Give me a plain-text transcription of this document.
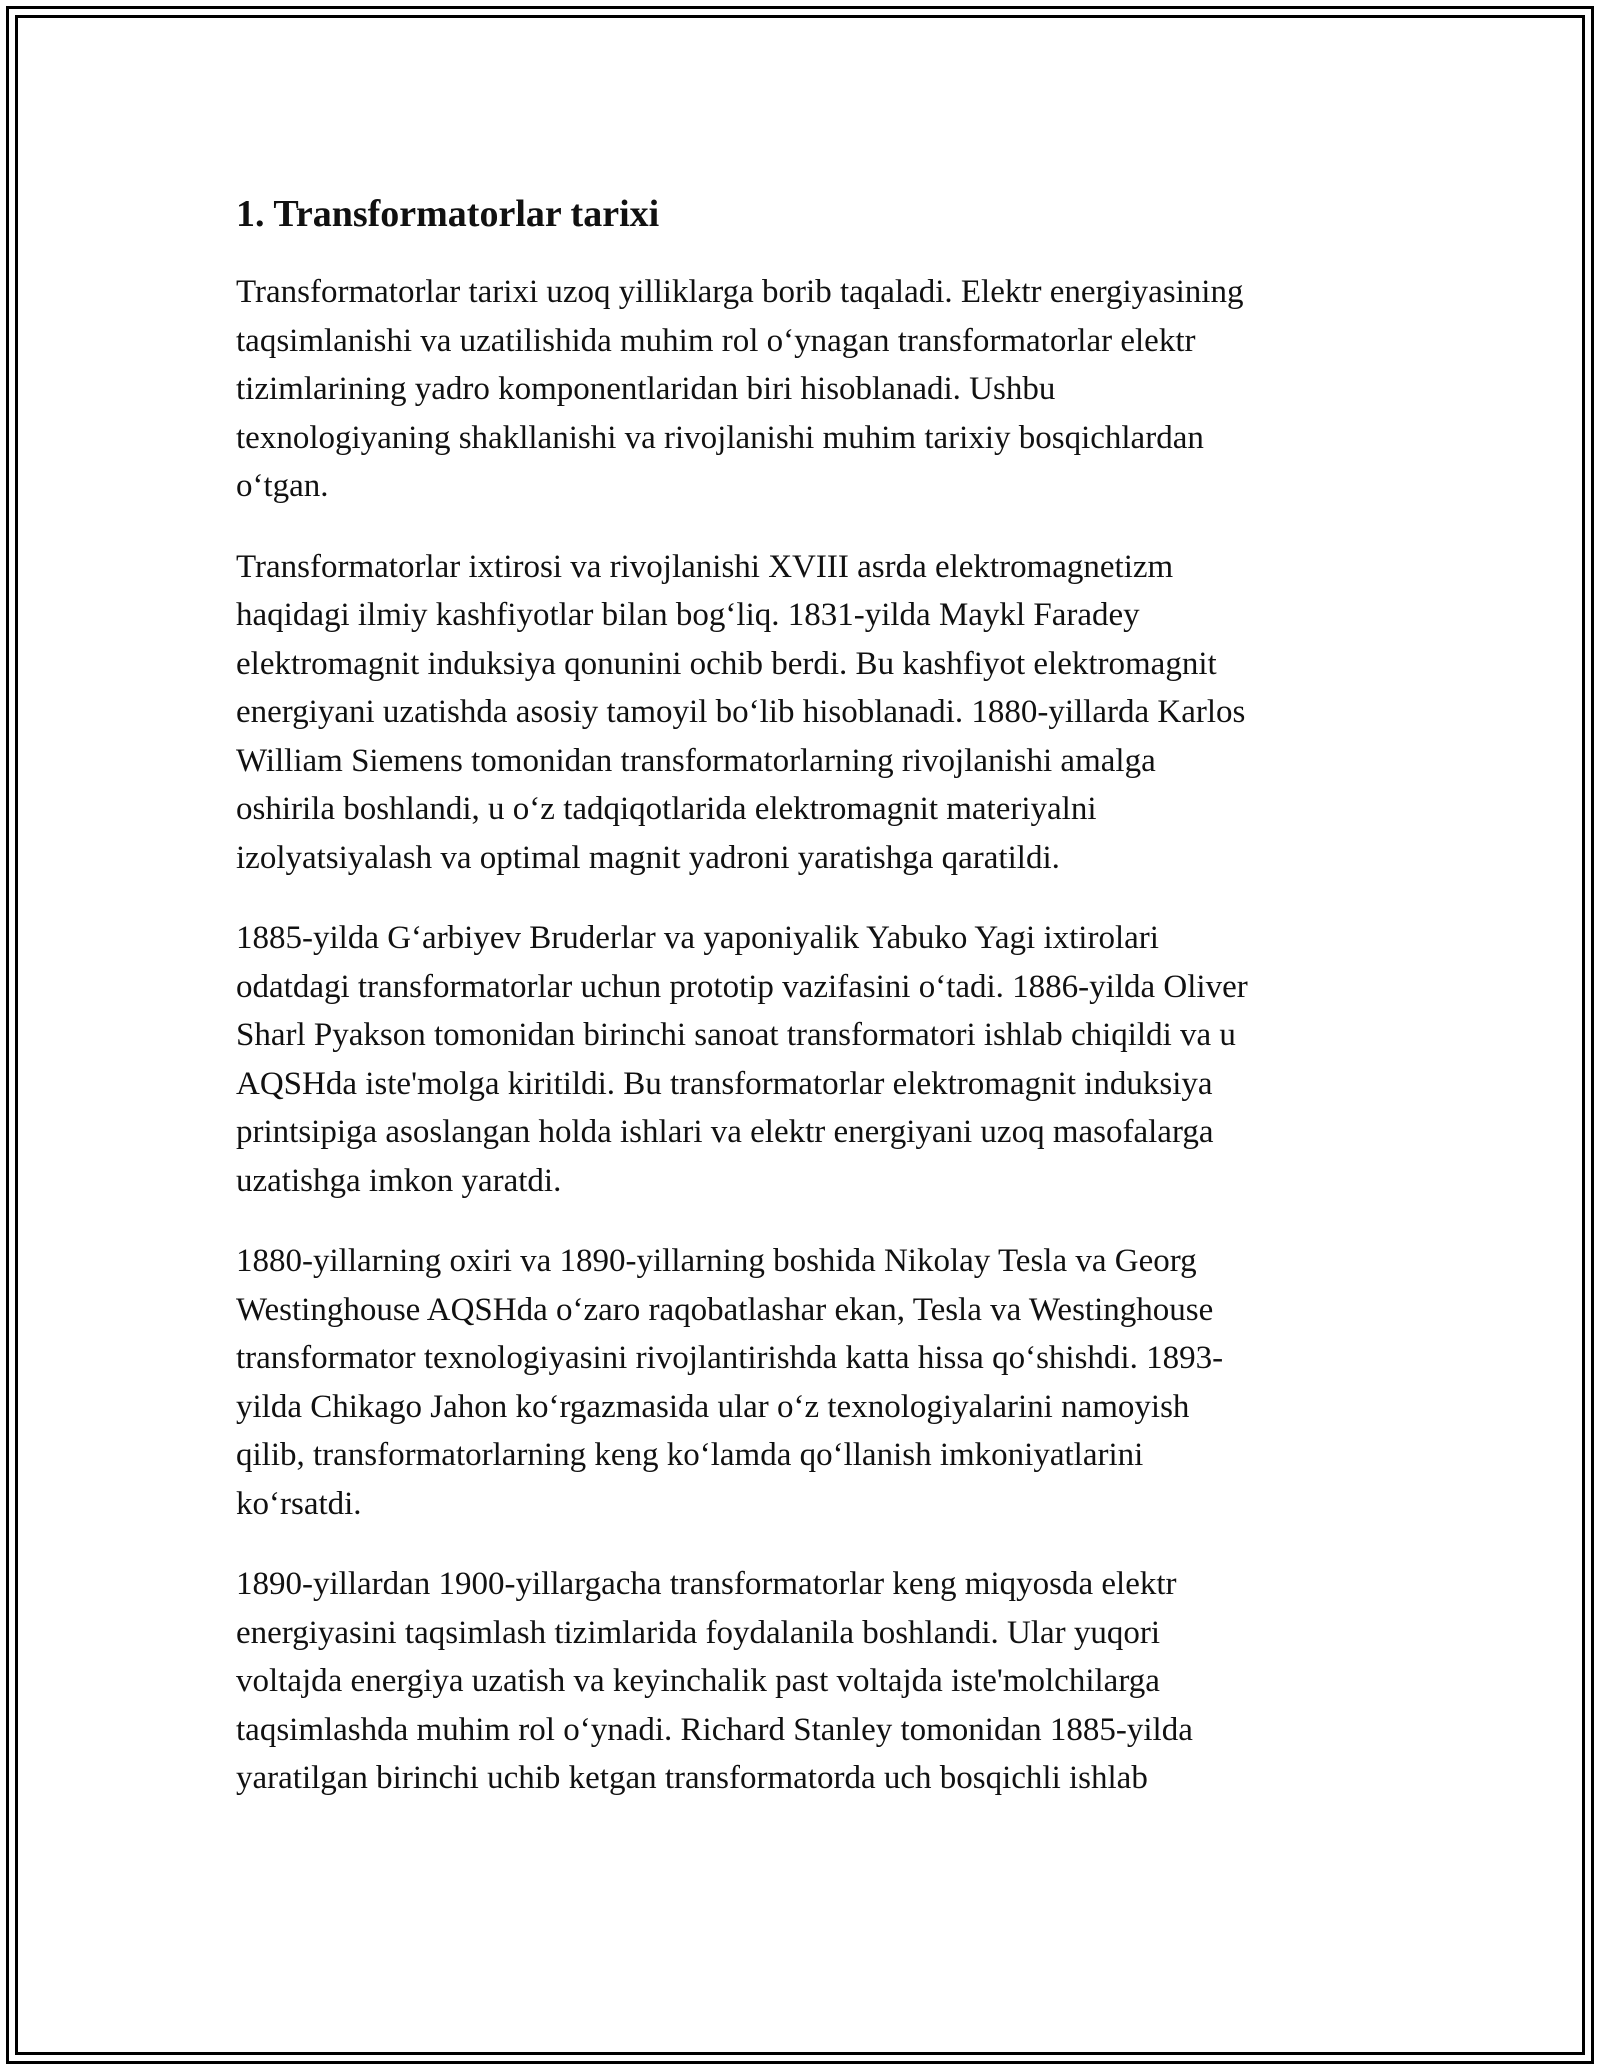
1. Transformatorlar tarixi

Transformatorlar tarixi uzoq yilliklarga borib taqaladi. Elektr energiyasining
taqsimlanishi va uzatilishida muhim rol oʻynagan transformatorlar elektr
tizimlarining yadro komponentlaridan biri hisoblanadi. Ushbu
texnologiyaning shakllanishi va rivojlanishi muhim tarixiy bosqichlardan
oʻtgan.

Transformatorlar ixtirosi va rivojlanishi XVIII asrda elektromagnetizm
haqidagi ilmiy kashfiyotlar bilan bogʻliq. 1831-yilda Maykl Faradey
elektromagnit induksiya qonunini ochib berdi. Bu kashfiyot elektromagnit
energiyani uzatishda asosiy tamoyil boʻlib hisoblanadi. 1880-yillarda Karlos
William Siemens tomonidan transformatorlarning rivojlanishi amalga
oshirila boshlandi, u oʻz tadqiqotlarida elektromagnit materiyalni
izolyatsiyalash va optimal magnit yadroni yaratishga qaratildi.

1885-yilda Gʻarbiyev Bruderlar va yaponiyalik Yabuko Yagi ixtirolari
odatdagi transformatorlar uchun prototip vazifasini oʻtadi. 1886-yilda Oliver
Sharl Pyakson tomonidan birinchi sanoat transformatori ishlab chiqildi va u
AQSHda iste'molga kiritildi. Bu transformatorlar elektromagnit induksiya
printsipiga asoslangan holda ishlari va elektr energiyani uzoq masofalarga
uzatishga imkon yaratdi.

1880-yillarning oxiri va 1890-yillarning boshida Nikolay Tesla va Georg
Westinghouse AQSHda oʻzaro raqobatlashar ekan, Tesla va Westinghouse
transformator texnologiyasini rivojlantirishda katta hissa qoʻshishdi. 1893-
yilda Chikago Jahon koʻrgazmasida ular oʻz texnologiyalarini namoyish
qilib, transformatorlarning keng koʻlamda qoʻllanish imkoniyatlarini
koʻrsatdi.

1890-yillardan 1900-yillargacha transformatorlar keng miqyosda elektr
energiyasini taqsimlash tizimlarida foydalanila boshlandi. Ular yuqori
voltajda energiya uzatish va keyinchalik past voltajda iste'molchilarga
taqsimlashda muhim rol oʻynadi. Richard Stanley tomonidan 1885-yilda
yaratilgan birinchi uchib ketgan transformatorda uch bosqichli ishlab
